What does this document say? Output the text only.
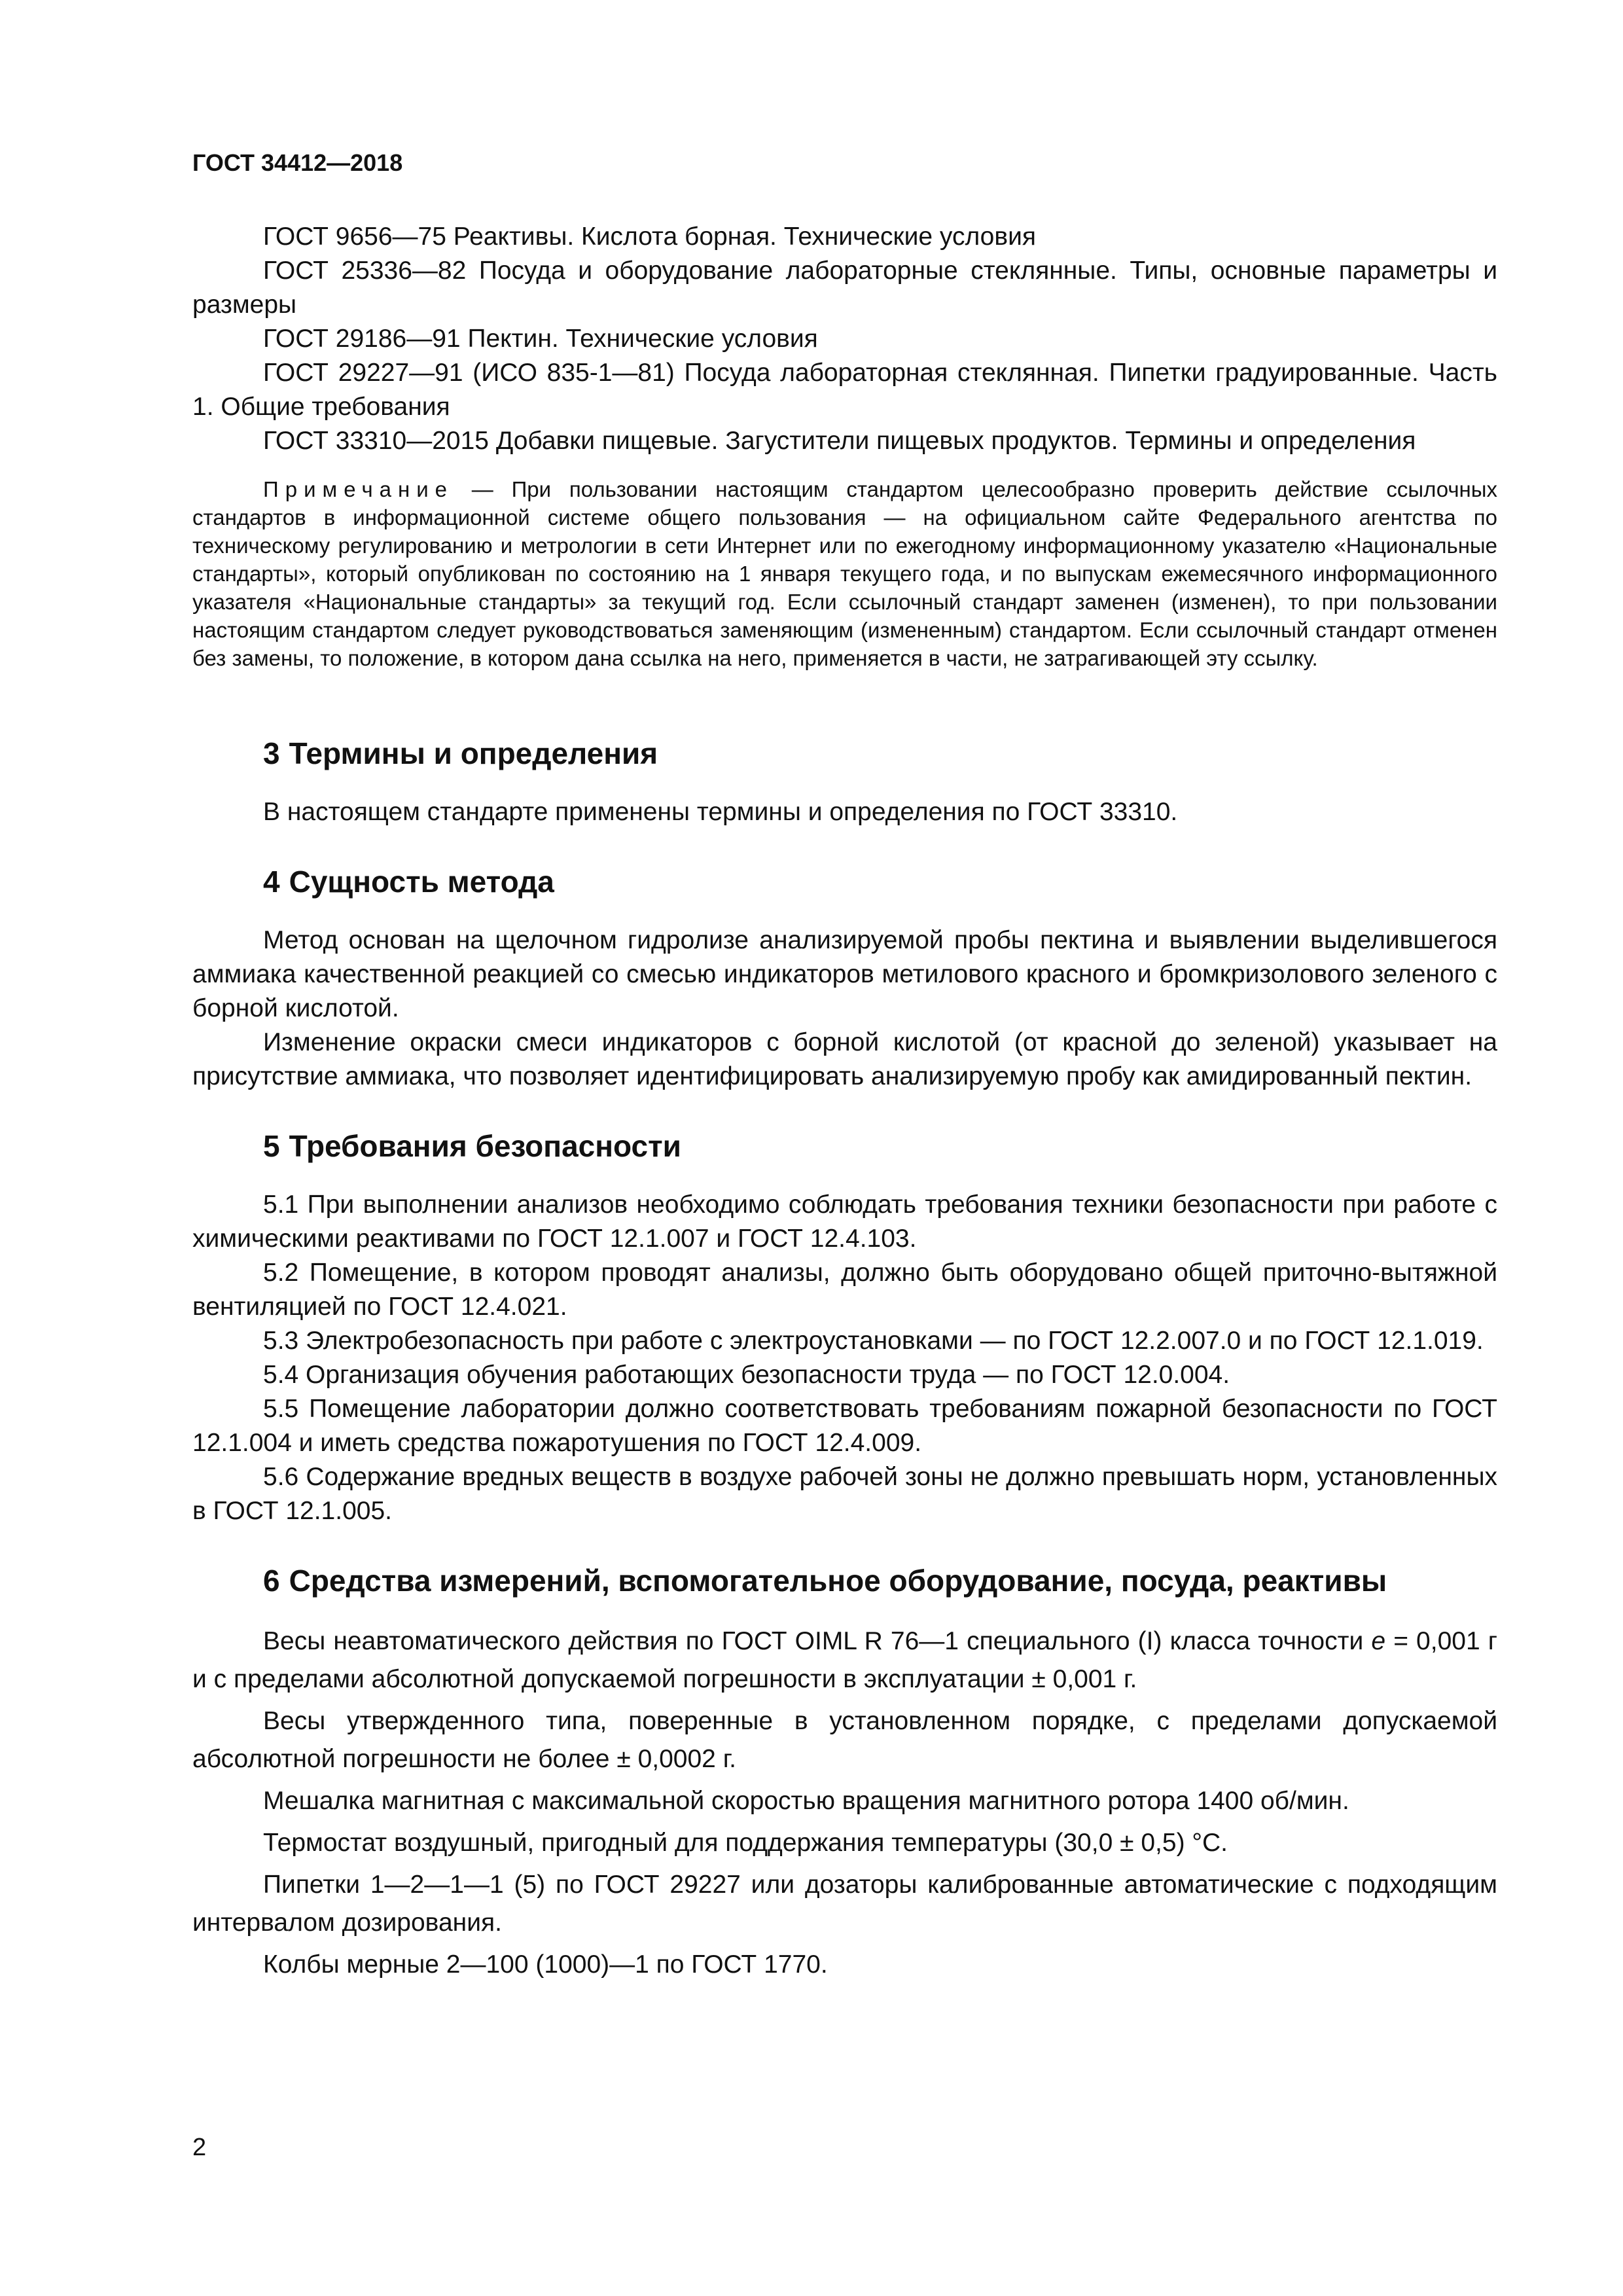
ГОСТ 34412—2018

ГОСТ 9656—75 Реактивы. Кислота борная. Технические условия

ГОСТ 25336—82 Посуда и оборудование лабораторные стеклянные. Типы, основные параметры и размеры

ГОСТ 29186—91 Пектин. Технические условия

ГОСТ 29227—91 (ИСО 835-1—81) Посуда лабораторная стеклянная. Пипетки градуированные. Часть 1. Общие требования

ГОСТ 33310—2015 Добавки пищевые. Загустители пищевых продуктов. Термины и определения

Примечание — При пользовании настоящим стандартом целесообразно проверить действие ссылочных стандартов в информационной системе общего пользования — на официальном сайте Федерального агентства по техническому регулированию и метрологии в сети Интернет или по ежегодному информационному указателю «Национальные стандарты», который опубликован по состоянию на 1 января текущего года, и по выпускам ежемесячного информационного указателя «Национальные стандарты» за текущий год. Если ссылочный стандарт заменен (изменен), то при пользовании настоящим стандартом следует руководствоваться заменяющим (измененным) стандартом. Если ссылочный стандарт отменен без замены, то положение, в котором дана ссылка на него, применяется в части, не затрагивающей эту ссылку.

3 Термины и определения

В настоящем стандарте применены термины и определения по ГОСТ 33310.

4 Сущность метода

Метод основан на щелочном гидролизе анализируемой пробы пектина и выявлении выделившегося аммиака качественной реакцией со смесью индикаторов метилового красного и бромкризолового зеленого с борной кислотой.

Изменение окраски смеси индикаторов с борной кислотой (от красной до зеленой) указывает на присутствие аммиака, что позволяет идентифицировать анализируемую пробу как амидированный пектин.

5 Требования безопасности

5.1 При выполнении анализов необходимо соблюдать требования техники безопасности при работе с химическими реактивами по ГОСТ 12.1.007 и ГОСТ 12.4.103.

5.2 Помещение, в котором проводят анализы, должно быть оборудовано общей приточно-вытяжной вентиляцией по ГОСТ 12.4.021.

5.3 Электробезопасность при работе с электроустановками — по ГОСТ 12.2.007.0 и по ГОСТ 12.1.019.

5.4 Организация обучения работающих безопасности труда — по ГОСТ 12.0.004.

5.5 Помещение лаборатории должно соответствовать требованиям пожарной безопасности по ГОСТ 12.1.004 и иметь средства пожаротушения по ГОСТ 12.4.009.

5.6 Содержание вредных веществ в воздухе рабочей зоны не должно превышать норм, установленных в ГОСТ 12.1.005.

6 Средства измерений, вспомогательное оборудование, посуда, реактивы

Весы неавтоматического действия по ГОСТ OIML R 76—1 специального (I) класса точности e = 0,001 г и с пределами абсолютной допускаемой погрешности в эксплуатации ± 0,001 г.

Весы утвержденного типа, поверенные в установленном порядке, с пределами допускаемой абсолютной погрешности не более ± 0,0002 г.

Мешалка магнитная с максимальной скоростью вращения магнитного ротора 1400 об/мин.

Термостат воздушный, пригодный для поддержания температуры (30,0 ± 0,5) °С.

Пипетки 1—2—1—1 (5) по ГОСТ 29227 или дозаторы калиброванные автоматические с подходящим интервалом дозирования.

Колбы мерные 2—100 (1000)—1 по ГОСТ 1770.

2
